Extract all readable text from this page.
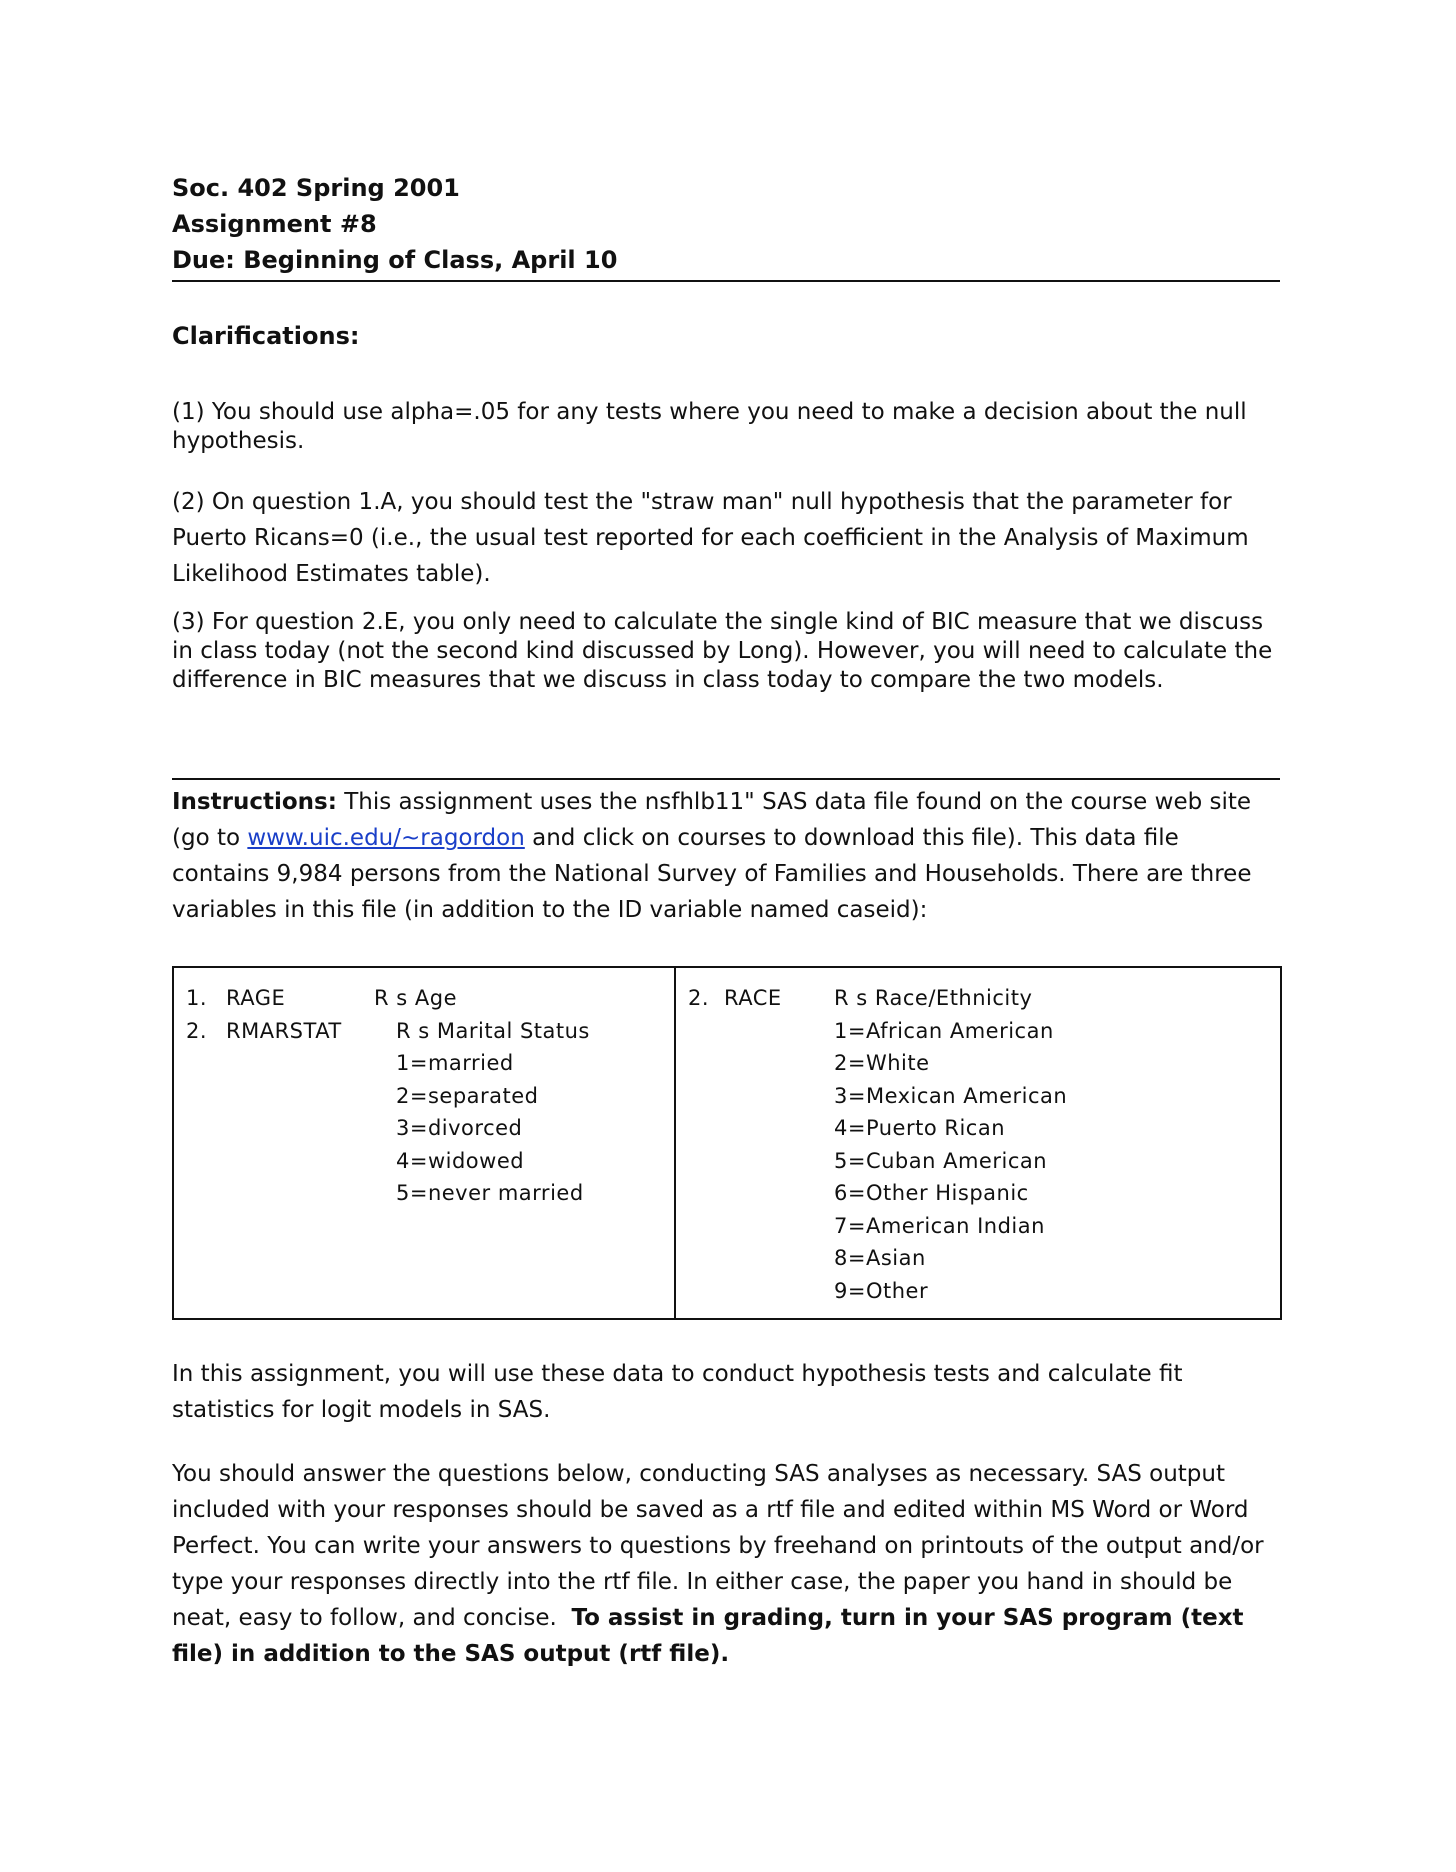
Soc. 402 Spring 2001
Assignment #8
Due: Beginning of Class, April 10
Clarifications:
(1) You should use alpha=.05 for any tests where you need to make a decision about the null hypothesis.
(2) On question 1.A, you should test the "straw man" null hypothesis that the parameter for Puerto Ricans=0 (i.e., the usual test reported for each coefficient in the Analysis of Maximum Likelihood Estimates table).
(3) For question 2.E, you only need to calculate the single kind of BIC measure that we discuss in class today (not the second kind discussed by Long). However, you will need to calculate the difference in BIC measures that we discuss in class today to compare the two models.
Instructions: This assignment uses the nsfhlb11" SAS data file found on the course web site (go to www.uic.edu/~ragordon and click on courses to download this file). This data file contains 9,984 persons from the National Survey of Families and Households. There are three variables in this file (in addition to the ID variable named caseid):
1. RAGE	R s Age
2. RMARSTAT	R s Marital Status
1=married
2=separated
3=divorced
4=widowed
5=never married
2. RACE R s Race/Ethnicity
1=African American
2=White
3=Mexican American
4=Puerto Rican
5=Cuban American
6=Other Hispanic
7=American Indian
8=Asian
9=Other
In this assignment, you will use these data to conduct hypothesis tests and calculate fit statistics for logit models in SAS.
You should answer the questions below, conducting SAS analyses as necessary. SAS output included with your responses should be saved as a rtf file and edited within MS Word or Word Perfect. You can write your answers to questions by freehand on printouts of the output and/or type your responses directly into the rtf file. In either case, the paper you hand in should be neat, easy to follow, and concise. To assist in grading, turn in your SAS program (text file) in addition to the SAS output (rtf file).
